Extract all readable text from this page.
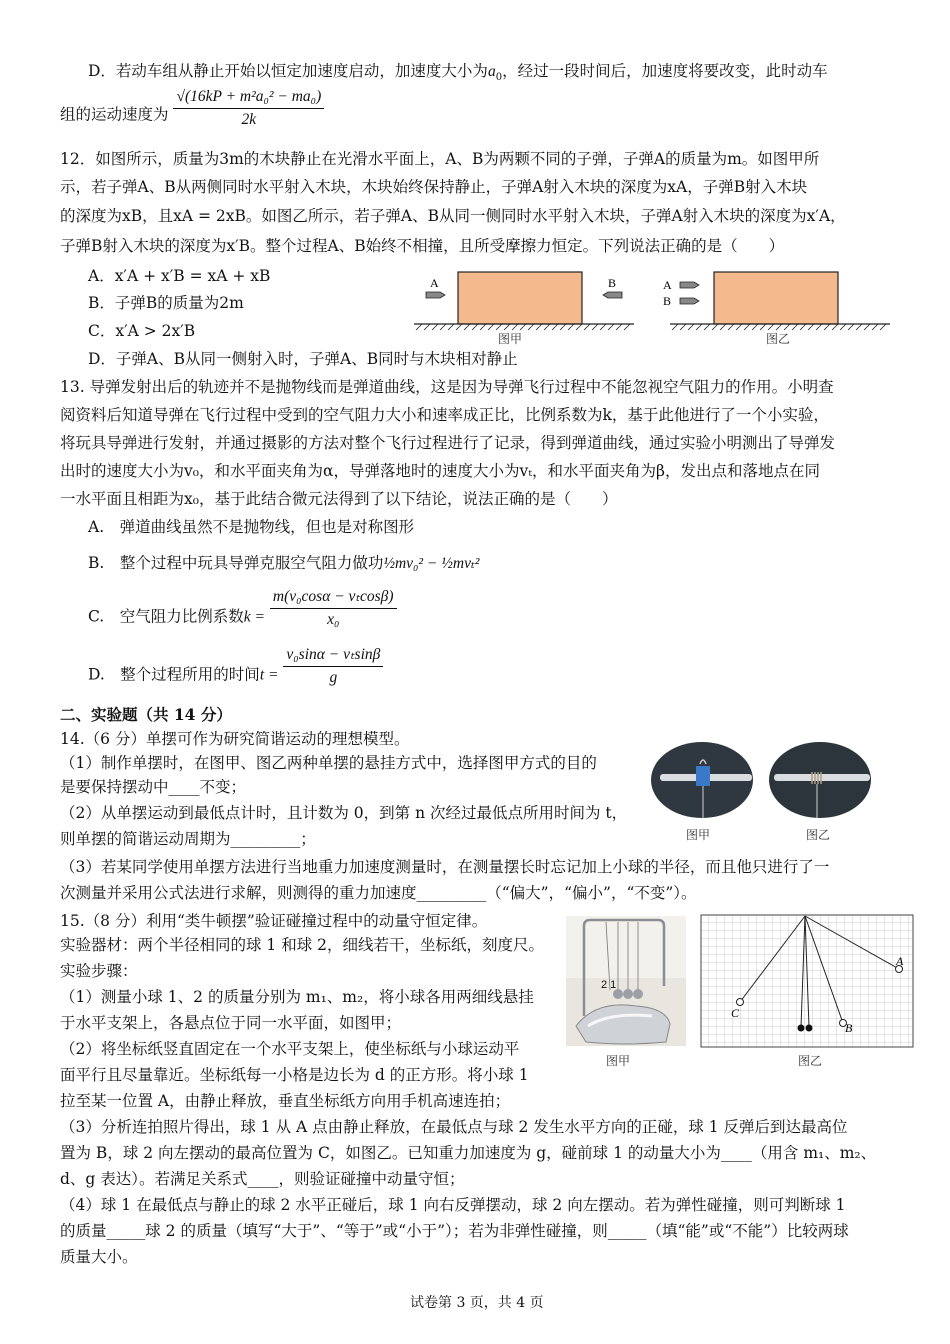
D．若动车组从静止开始以恒定加速度启动，加速度大小为$a_0$，经过一段时间后，加速度将要改变，此时动车
组的运动速度为 $\frac{\text{√(16kP + m²a₀² − ma₀)}}{2k}$
12．如图所示，质量为3m的木块静止在光滑水平面上，A、B为两颗不同的子弹，子弹A的质量为m。如图甲所
示，若子弹A、B从两侧同时水平射入木块，木块始终保持静止，子弹A射入木块的深度为xA，子弹B射入木块
的深度为xB，且xA = 2xB。如图乙所示，若子弹A、B从同一侧同时水平射入木块，子弹A射入木块的深度为x′A，
子弹B射入木块的深度为x′B。整个过程A、B始终不相撞，且所受摩擦力恒定。下列说法正确的是（　　）
A．x′A + x′B = xA + xB
B．子弹B的质量为2m
C．x′A > 2x′B
D．子弹A、B从同一侧射入时，子弹A、B同时与木块相对静止
A	B	A
B
图甲	图乙
13. 导弹发射出后的轨迹并不是抛物线而是弹道曲线，这是因为导弹飞行过程中不能忽视空气阻力的作用。小明查
阅资料后知道导弹在飞行过程中受到的空气阻力大小和速率成正比，比例系数为k，基于此他进行了一个小实验，
将玩具导弹进行发射，并通过摄影的方法对整个飞行过程进行了记录，得到弹道曲线，通过实验小明测出了导弹发
出时的速度大小为v₀，和水平面夹角为α，导弹落地时的速度大小为vₜ，和水平面夹角为β，发出点和落地点在同
一水平面且相距为x₀，基于此结合微元法得到了以下结论，说法正确的是（　　）
A.　弹道曲线虽然不是抛物线，但也是对称图形
B.　整个过程中玩具导弹克服空气阻力做功½mv₀² − ½mvₜ²
C.　空气阻力比例系数$k = \frac{\text{m(v₀cosα − vₜcosβ)}}{\text{x₀}}$
D.　整个过程所用的时间$t = \frac{\text{v₀sinα − vₜsinβ}}{g}$
二、实验题（共 14 分）
14.（6 分）单摆可作为研究简谐运动的理想模型。
（1）制作单摆时，在图甲、图乙两种单摆的悬挂方式中，选择图甲方式的目的
是要保持摆动中____不变；
（2）从单摆运动到最低点计时，且计数为 0，到第 n 次经过最低点所用时间为 t，
则单摆的简谐运动周期为_________；
（3）若某同学使用单摆方法进行当地重力加速度测量时，在测量摆长时忘记加上小球的半径，而且他只进行了一
次测量并采用公式法进行求解，则测得的重力加速度_________（“偏大”，“偏小”，“不变”）。
图甲	图乙
15.（8 分）利用“类牛顿摆”验证碰撞过程中的动量守恒定律。
实验器材：两个半径相同的球 1 和球 2，细线若干，坐标纸，刻度尺。
实验步骤：
（1）测量小球 1、2 的质量分别为 m₁、m₂，将小球各用两细线悬挂
于水平支架上，各悬点位于同一水平面，如图甲；
（2）将坐标纸竖直固定在一个水平支架上，使坐标纸与小球运动平
面平行且尽量靠近。坐标纸每一小格是边长为 d 的正方形。将小球 1
拉至某一位置 A，由静止释放，垂直坐标纸方向用手机高速连拍；
（3）分析连拍照片得出，球 1 从 A 点由静止释放，在最低点与球 2 发生水平方向的正碰，球 1 反弹后到达最高位
置为 B，球 2 向左摆动的最高位置为 C，如图乙。已知重力加速度为 g，碰前球 1 的动量大小为____（用含 m₁、m₂、
d、g 表达）。若满足关系式____，则验证碰撞中动量守恒；
（4）球 1 在最低点与静止的球 2 水平正碰后，球 1 向右反弹摆动，球 2 向左摆动。若为弹性碰撞，则可判断球 1
的质量_____球 2 的质量（填写“大于”、“等于”或“小于”）；若为非弹性碰撞，则_____（填“能”或“不能”）比较两球
质量大小。
2 1
图甲
A
B
C
图乙
试卷第 3 页，共 4 页
